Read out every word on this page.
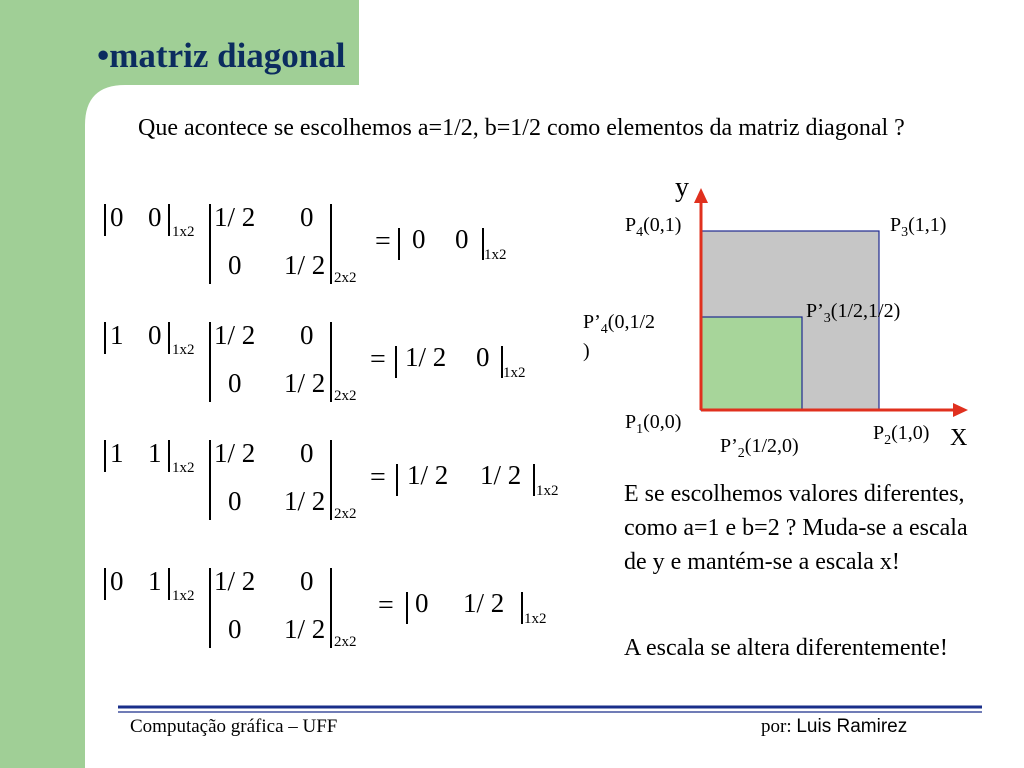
•matriz diagonal
Que acontece se escolhemos a=1/2, b=1/2 como elementos da matriz diagonal ?
0 0 1x2 1/ 2 0
0 1/ 2 2x2
= 0 0
1x2
1 0 1x2 1/ 2 0
0 1/ 2 2x2
= 1/ 2 0
1x2
1 1 1x2 1/ 2 0
0 1/ 2 2x2
= 1/ 2 1/ 2
1x2
0 1 1x2 1/ 2 0
0 1/ 2 2x2
= 0 1/ 2
1x2
y
X
$P_4(0,1)$	$P_3(1,1)$
$P’_4(0,1/2$
)
$P’_3(1/2,1/2)$
$P_1(0,0)$
$P’_2(1/2,0)$
$P_2(1,0)$
E se escolhemos valores diferentes, como a=1 e b=2 ? Muda-se a escala de y e mantém-se a escala x!
A escala se altera diferentemente!
Computação gráfica – UFF	por: Luis Ramirez
